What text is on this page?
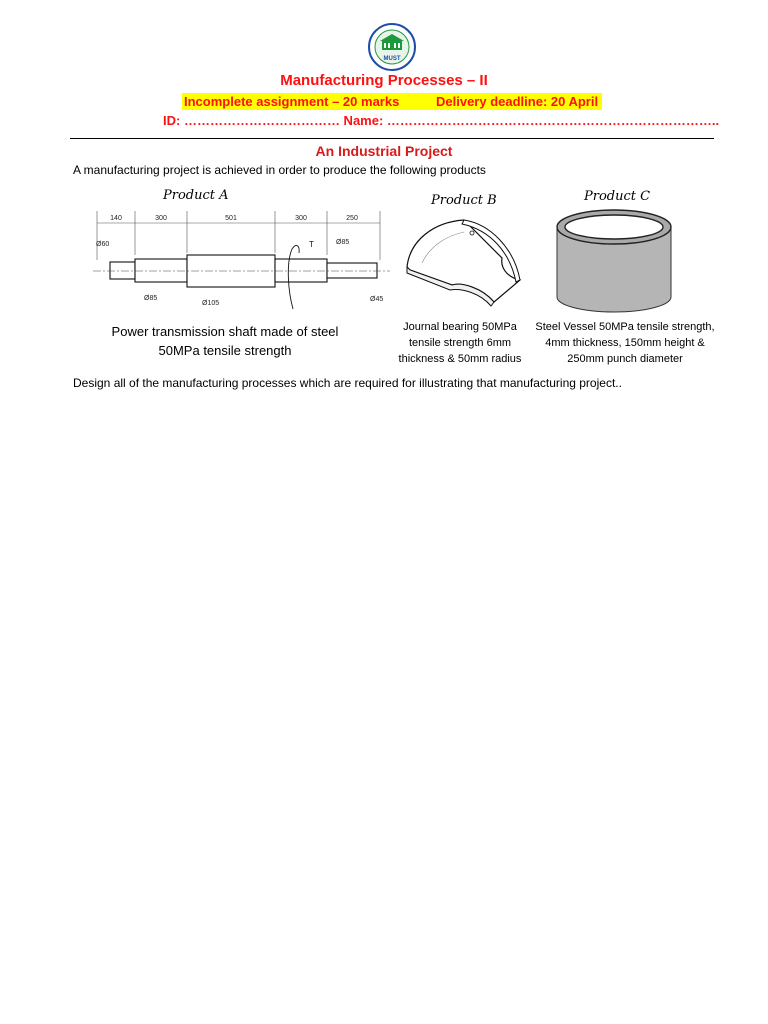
MUST
Manufacturing Processes – II
Incomplete assignment – 20 marks	Delivery deadline: 20 April
ID: ……………………………… Name: …………………………………………………………………..
An Industrial Project
A manufacturing project is achieved in order to produce the following products
Product A	Product B	Product C
140	300	501	300	250
T
Ø60
Ø85
Ø105
Ø85
Ø45
Power transmission shaft made of steel 50MPa tensile strength
Journal bearing 50MPa tensile strength 6mm thickness & 50mm radius
Steel Vessel 50MPa tensile strength, 4mm thickness, 150mm height & 250mm punch diameter
Design all of the manufacturing processes which are required for illustrating that manufacturing project..
